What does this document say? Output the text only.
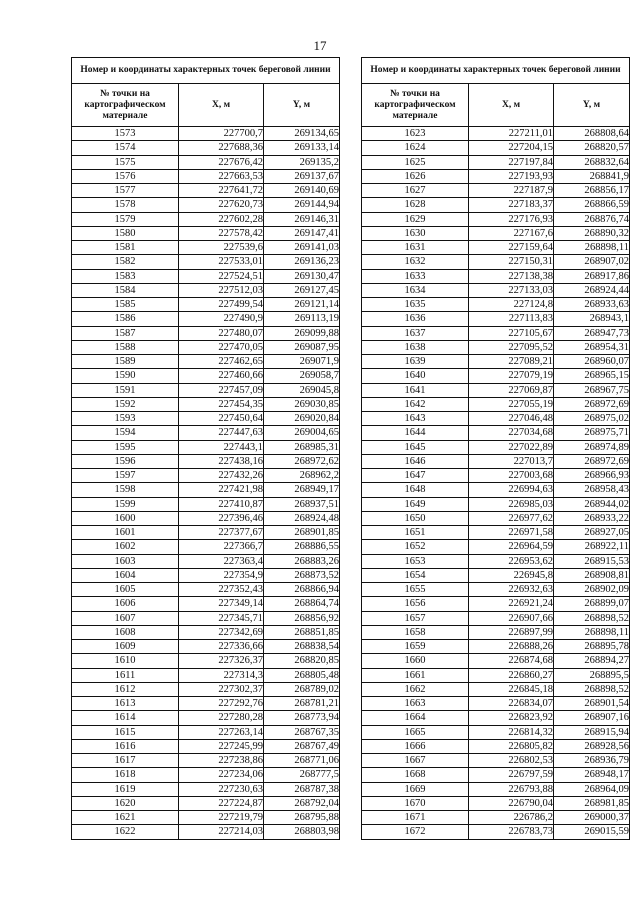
17
Номер и координаты характерных точек береговой линии		
№ точки на картографическом материале	X, м	Y, м
1573	227700,7	269134,65
1574	227688,36	269133,14
1575	227676,42	269135,2
1576	227663,53	269137,67
1577	227641,72	269140,69
1578	227620,73	269144,94
1579	227602,28	269146,31
1580	227578,42	269147,41
1581	227539,6	269141,03
1582	227533,01	269136,23
1583	227524,51	269130,47
1584	227512,03	269127,45
1585	227499,54	269121,14
1586	227490,9	269113,19
1587	227480,07	269099,88
1588	227470,05	269087,95
1589	227462,65	269071,9
1590	227460,66	269058,7
1591	227457,09	269045,8
1592	227454,35	269030,85
1593	227450,64	269020,84
1594	227447,63	269004,65
1595	227443,1	268985,31
1596	227438,16	268972,62
1597	227432,26	268962,2
1598	227421,98	268949,17
1599	227410,87	268937,51
1600	227396,46	268924,48
1601	227377,67	268901,85
1602	227366,7	268886,55
1603	227363,4	268883,26
1604	227354,9	268873,52
1605	227352,43	268866,94
1606	227349,14	268864,74
1607	227345,71	268856,92
1608	227342,69	268851,85
1609	227336,66	268838,54
1610	227326,37	268820,85
1611	227314,3	268805,48
1612	227302,37	268789,02
1613	227292,76	268781,21
1614	227280,28	268773,94
1615	227263,14	268767,35
1616	227245,99	268767,49
1617	227238,86	268771,06
1618	227234,06	268777,5
1619	227230,63	268787,38
1620	227224,87	268792,04
1621	227219,79	268795,88
1622	227214,03	268803,98
Номер и координаты характерных точек береговой линии		
№ точки на картографическом материале	X, м	Y, м
1623	227211,01	268808,64
1624	227204,15	268820,57
1625	227197,84	268832,64
1626	227193,93	268841,9
1627	227187,9	268856,17
1628	227183,37	268866,59
1629	227176,93	268876,74
1630	227167,6	268890,32
1631	227159,64	268898,11
1632	227150,31	268907,02
1633	227138,38	268917,86
1634	227133,03	268924,44
1635	227124,8	268933,63
1636	227113,83	268943,1
1637	227105,67	268947,73
1638	227095,52	268954,31
1639	227089,21	268960,07
1640	227079,19	268965,15
1641	227069,87	268967,75
1642	227055,19	268972,69
1643	227046,48	268975,02
1644	227034,68	268975,71
1645	227022,89	268974,89
1646	227013,7	268972,69
1647	227003,68	268966,93
1648	226994,63	268958,43
1649	226985,03	268944,02
1650	226977,62	268933,22
1651	226971,58	268927,05
1652	226964,59	268922,11
1653	226953,62	268915,53
1654	226945,8	268908,81
1655	226932,63	268902,09
1656	226921,24	268899,07
1657	226907,66	268898,52
1658	226897,99	268898,11
1659	226888,26	268895,78
1660	226874,68	268894,27
1661	226860,27	268895,5
1662	226845,18	268898,52
1663	226834,07	268901,54
1664	226823,92	268907,16
1665	226814,32	268915,94
1666	226805,82	268928,56
1667	226802,53	268936,79
1668	226797,59	268948,17
1669	226793,88	268964,09
1670	226790,04	268981,85
1671	226786,2	269000,37
1672	226783,73	269015,59
